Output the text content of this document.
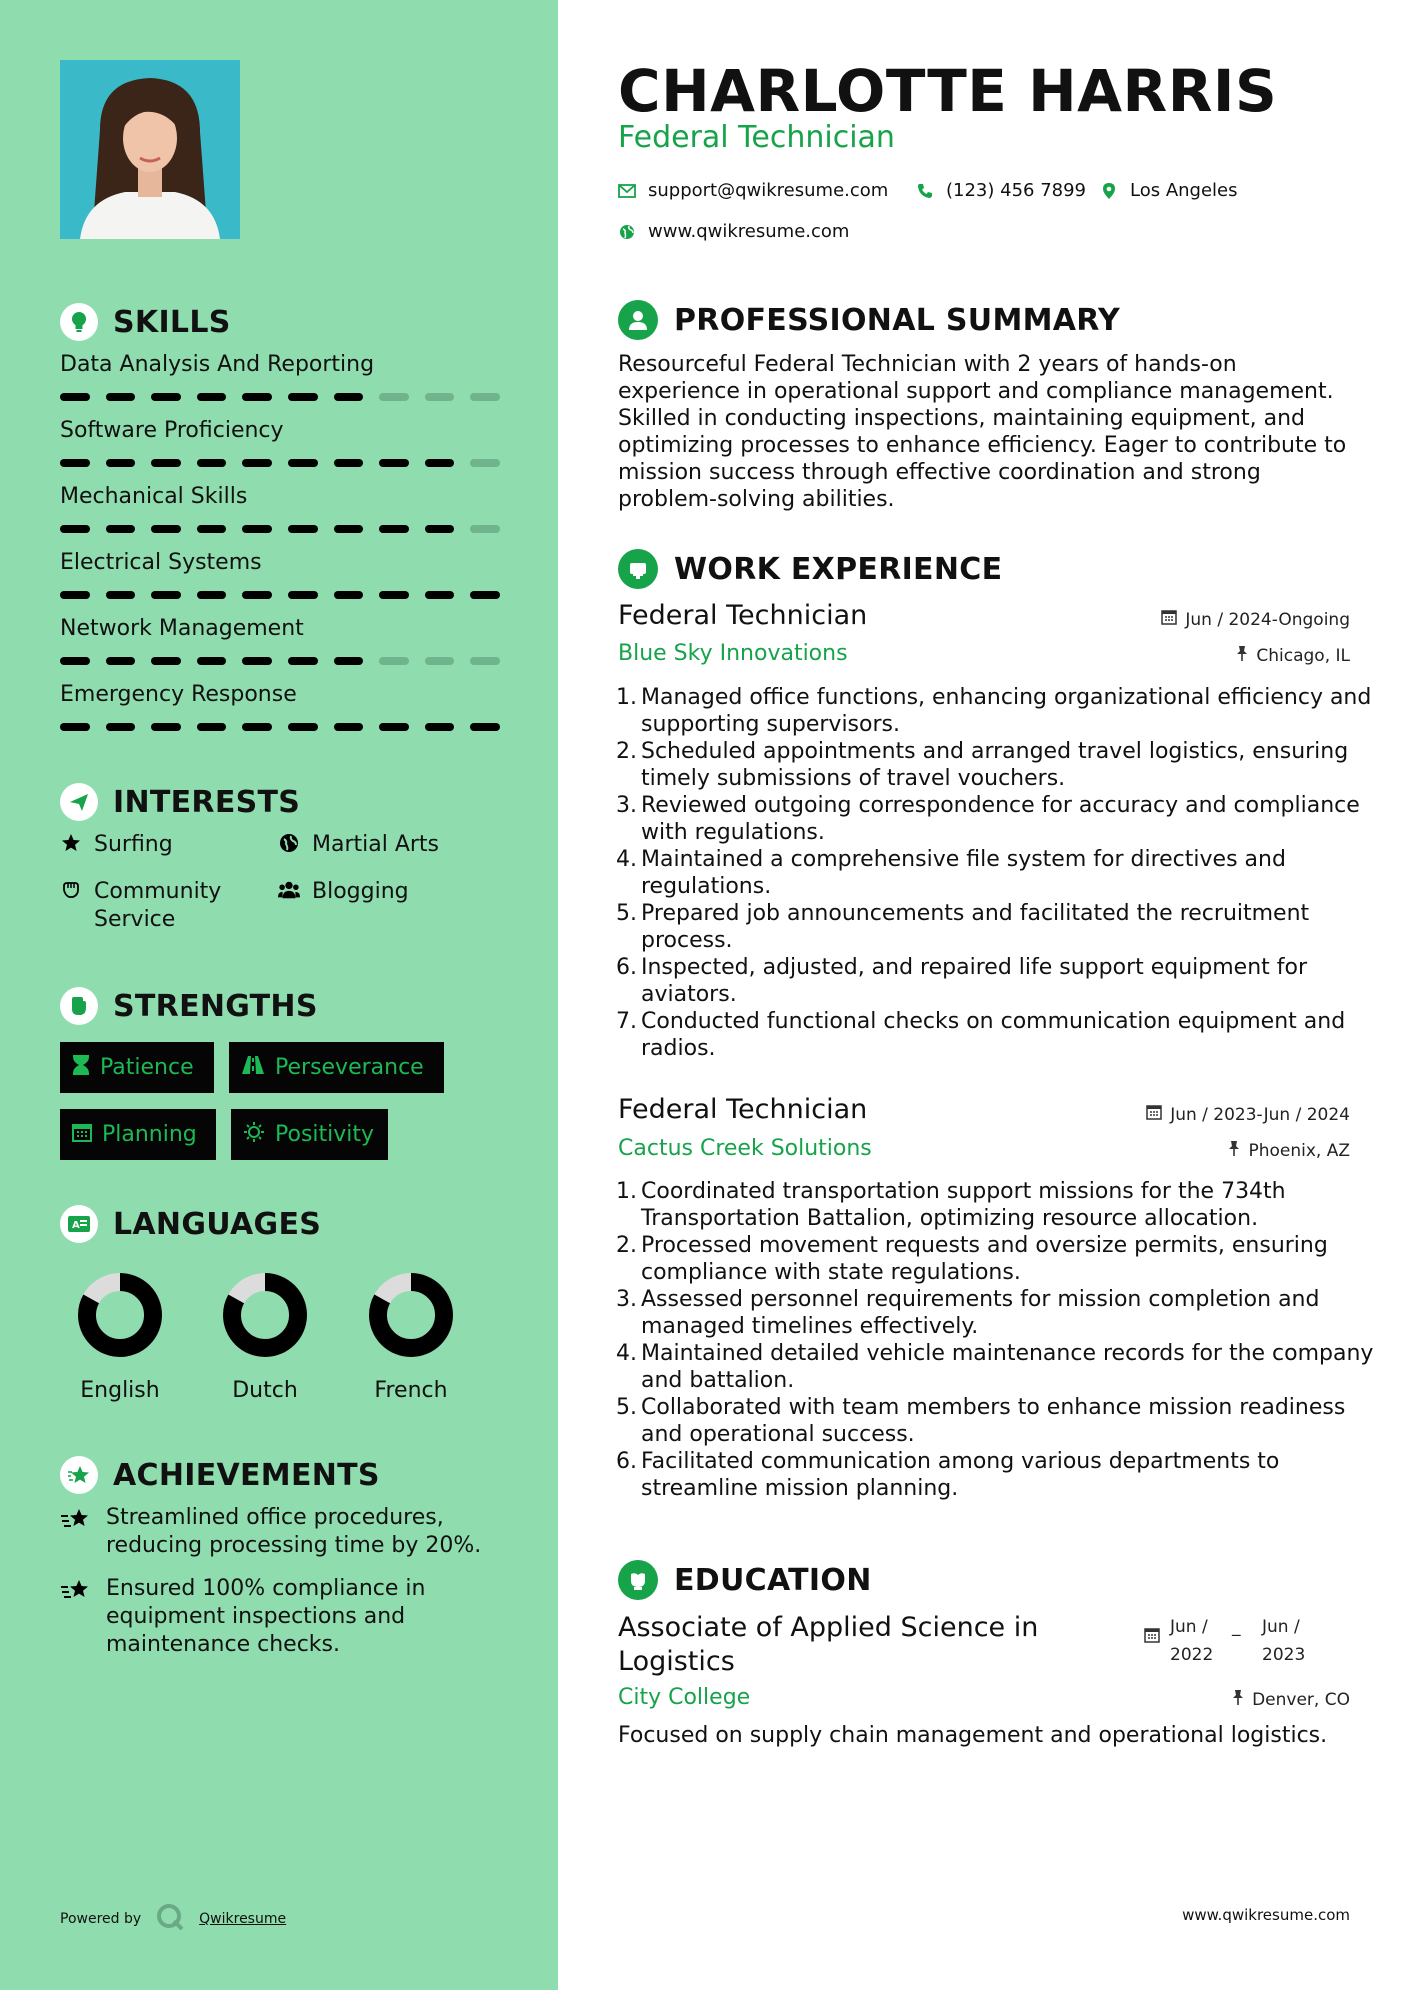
SKILLS
Data Analysis And Reporting
Software Proficiency
Mechanical Skills
Electrical Systems
Network Management
Emergency Response
INTERESTS
Surfing	Martial Arts
Community Service
Blogging
STRENGTHS
Patience	Perseverance
Planning	Positivity
A LANGUAGES
English	Dutch	French
ACHIEVEMENTS
Streamlined office procedures, reducing processing time by 20%.
Ensured 100% compliance in equipment inspections and maintenance checks.
Powered by	Qwikresume
CHARLOTTE HARRIS
Federal Technician
support@qwikresume.com	(123) 456 7899 Los Angeles
www.qwikresume.com
PROFESSIONAL SUMMARY
Resourceful Federal Technician with 2 years of hands-on experience in operational support and compliance management. Skilled in conducting inspections, maintaining equipment, and optimizing processes to enhance efficiency. Eager to contribute to mission success through effective coordination and strong problem-solving abilities.
WORK EXPERIENCE
Federal Technician	Jun / 2024-Ongoing
Blue Sky Innovations	Chicago, IL
1. Managed office functions, enhancing organizational efficiency and supporting supervisors.
2. Scheduled appointments and arranged travel logistics, ensuring timely submissions of travel vouchers.
3. Reviewed outgoing correspondence for accuracy and compliance with regulations.
4. Maintained a comprehensive file system for directives and regulations.
5. Prepared job announcements and facilitated the recruitment process.
6. Inspected, adjusted, and repaired life support equipment for aviators.
7. Conducted functional checks on communication equipment and radios.
Federal Technician	Jun / 2023-Jun / 2024
Cactus Creek Solutions	Phoenix, AZ
1. Coordinated transportation support missions for the 734th Transportation Battalion, optimizing resource allocation.
2. Processed movement requests and oversize permits, ensuring compliance with state regulations.
3. Assessed personnel requirements for mission completion and managed timelines effectively.
4. Maintained detailed vehicle maintenance records for the company and battalion.
5. Collaborated with team members to enhance mission readiness and operational success.
6. Facilitated communication among various departments to streamline mission planning.
EDUCATION
Associate of Applied Science in Logistics
Jun / 2022
_	Jun / 2023
City College	Denver, CO
Focused on supply chain management and operational logistics.
www.qwikresume.com
